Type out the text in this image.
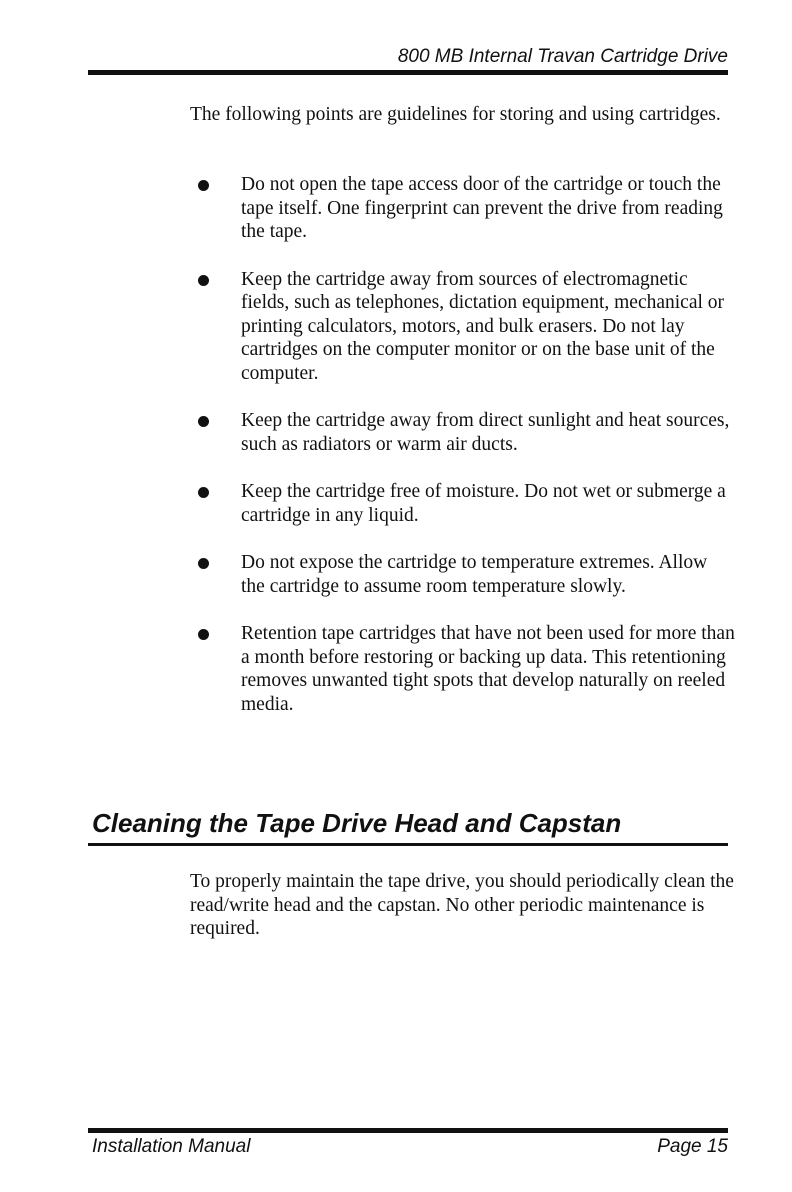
800 MB Internal Travan Cartridge Drive

The following points are guidelines for storing and using cartridges.

Do not open the tape access door of the cartridge or touch the tape itself. One fingerprint can prevent the drive from reading the tape.
Keep the cartridge away from sources of electromagnetic fields, such as telephones, dictation equipment, mechanical or printing calculators, motors, and bulk erasers. Do not lay cartridges on the computer monitor or on the base unit of the computer.
Keep the cartridge away from direct sunlight and heat sources, such as radiators or warm air ducts.
Keep the cartridge free of moisture. Do not wet or submerge a cartridge in any liquid.
Do not expose the cartridge to temperature extremes. Allow the cartridge to assume room temperature slowly.
Retention tape cartridges that have not been used for more than a month before restoring or backing up data. This retentioning removes unwanted tight spots that develop naturally on reeled media.
Cleaning the Tape Drive Head and Capstan

To properly maintain the tape drive, you should periodically clean the read/write head and the capstan. No other periodic maintenance is required.

Installation Manual	Page 15
